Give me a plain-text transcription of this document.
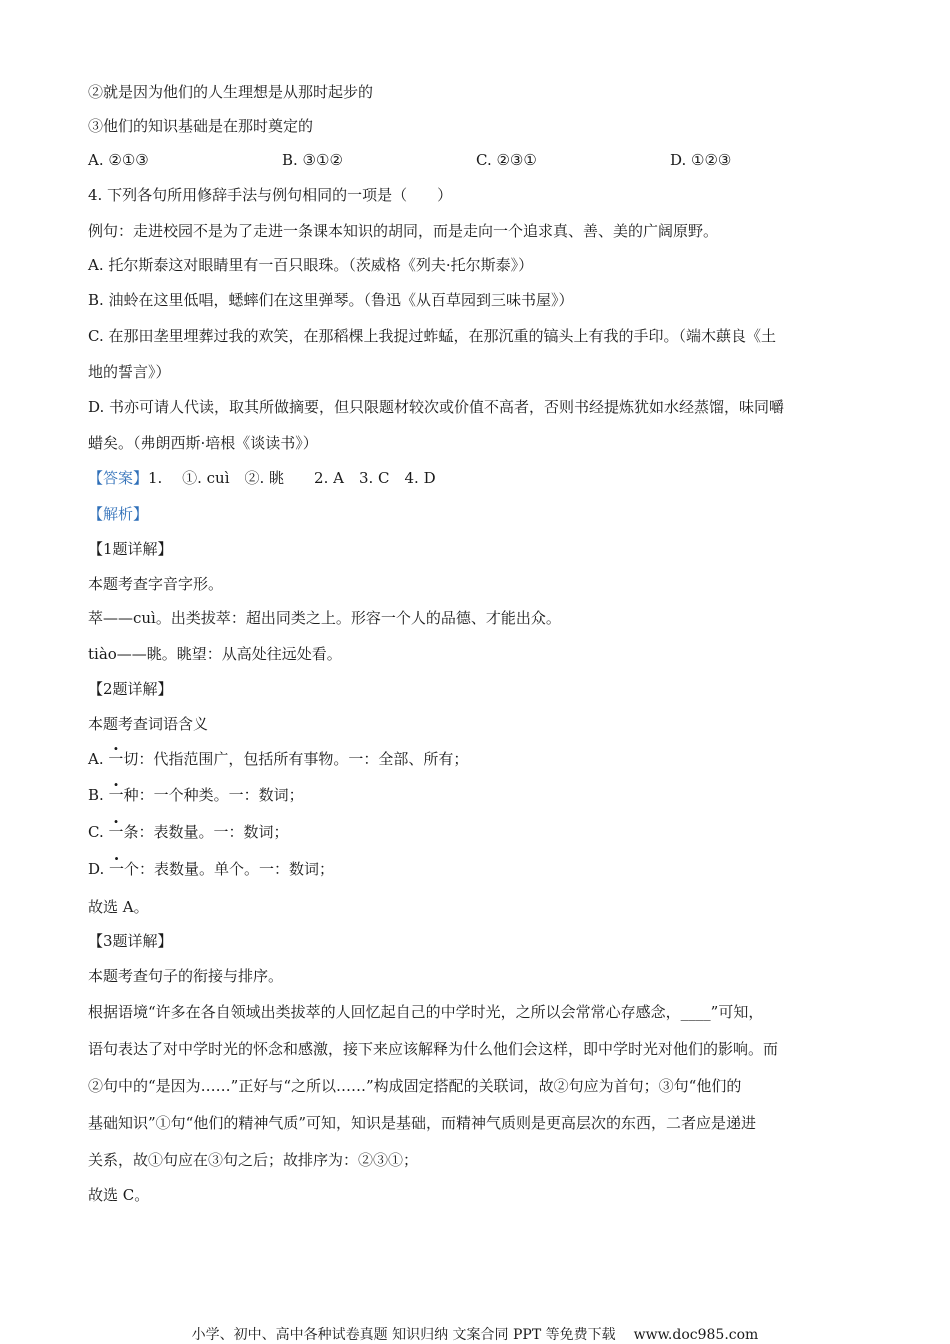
②就是因为他们的人生理想是从那时起步的
③他们的知识基础是在那时奠定的
A. ②①③	B. ③①②	C. ②③①	D. ①②③
4. 下列各句所用修辞手法与例句相同的一项是（　　）
例句：走进校园不是为了走进一条课本知识的胡同，而是走向一个追求真、善、美的广阔原野。
A. 托尔斯泰这对眼睛里有一百只眼珠。（茨威格《列夫·托尔斯泰》）
B. 油蛉在这里低唱，蟋蟀们在这里弹琴。（鲁迅《从百草园到三味书屋》）
C. 在那田垄里埋葬过我的欢笑，在那稻棵上我捉过蚱蜢，在那沉重的镐头上有我的手印。（端木蕻良《土
地的誓言》）
D. 书亦可请人代读，取其所做摘要，但只限题材较次或价值不高者，否则书经提炼犹如水经蒸馏，味同嚼
蜡矣。（弗朗西斯·培根《谈读书》）
【答案】1.　 ①. cuì　②. 眺　　2. A　3. C　4. D
【解析】
【1题详解】
本题考查字音字形。
萃——cuì。出类拔萃：超出同类之上。形容一个人的品德、才能出众。
tiào——眺。眺望：从高处往远处看。
【2题详解】
本题考查词语含义
A. 一切：代指范围广，包括所有事物。一：全部、所有；
B. 一种：一个种类。一：数词；
C. 一条：表数量。一：数词；
D. 一个：表数量。单个。一：数词；
故选 A。
【3题详解】
本题考查句子的衔接与排序。
根据语境“许多在各自领域出类拔萃的人回忆起自己的中学时光，之所以会常常心存感念，____”可知，
语句表达了对中学时光的怀念和感激，接下来应该解释为什么他们会这样，即中学时光对他们的影响。而
②句中的“是因为……”正好与“之所以……”构成固定搭配的关联词，故②句应为首句；③句“他们的
基础知识”①句“他们的精神气质”可知，知识是基础，而精神气质则是更高层次的东西，二者应是递进
关系，故①句应在③句之后；故排序为：②③①；
故选 C。
小学、初中、高中各种试卷真题 知识归纳 文案合同 PPT 等免费下载 www.doc985.com
